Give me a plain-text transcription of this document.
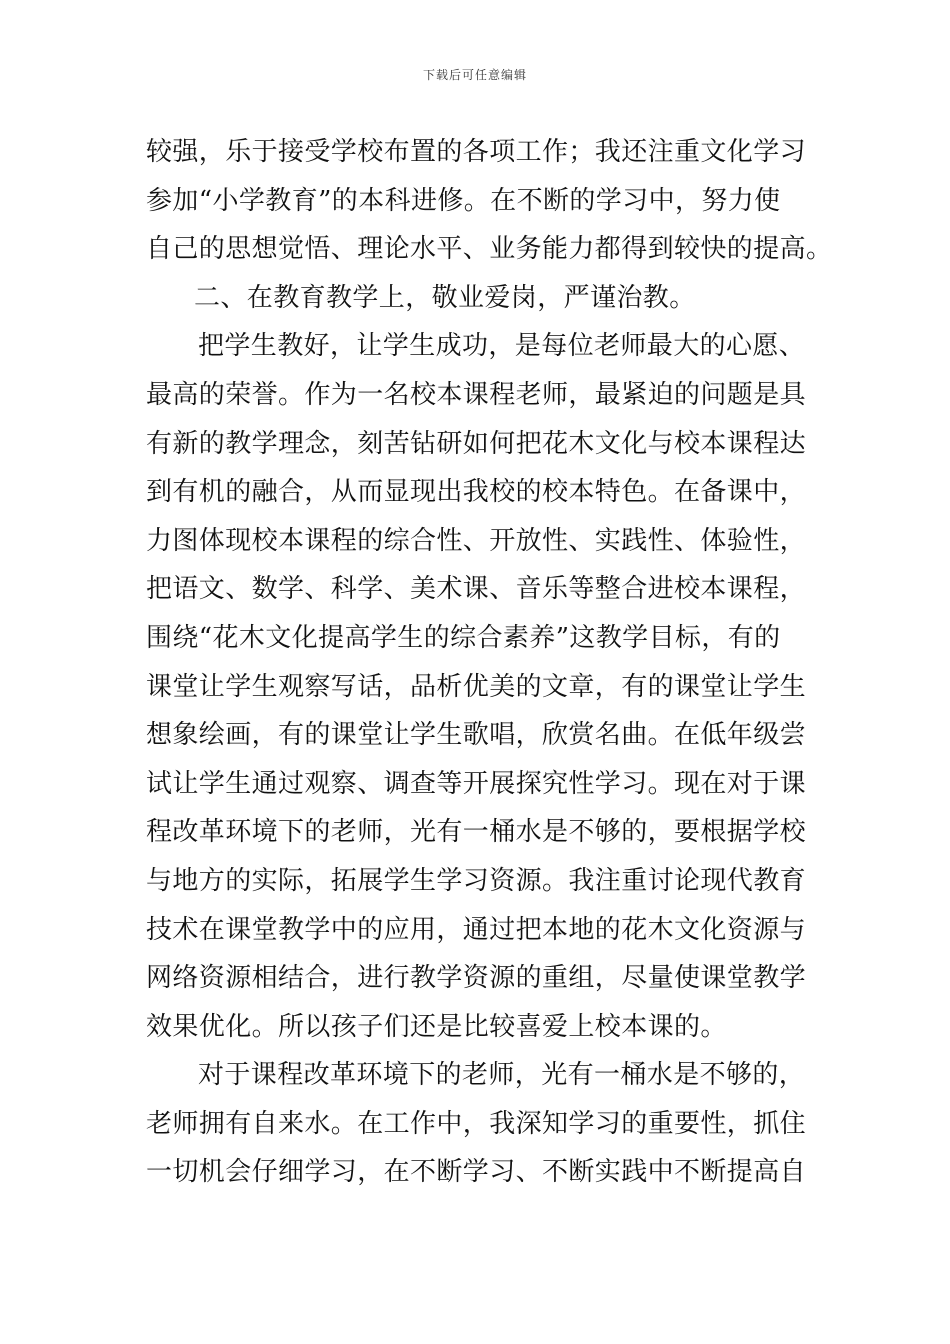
下载后可任意编辑
较强，乐于接受学校布置的各项工作；我还注重文化学习
参加“小学教育”的本科进修。在不断的学习中，努力使
自己的思想觉悟、理论水平、业务能力都得到较快的提高。
二、在教育教学上，敬业爱岗，严谨治教。
把学生教好，让学生成功，是每位老师最大的心愿、
最高的荣誉。作为一名校本课程老师，最紧迫的问题是具
有新的教学理念，刻苦钻研如何把花木文化与校本课程达
到有机的融合，从而显现出我校的校本特色。在备课中，
力图体现校本课程的综合性、开放性、实践性、体验性，
把语文、数学、科学、美术课、音乐等整合进校本课程，
围绕“花木文化提高学生的综合素养”这教学目标，有的
课堂让学生观察写话，品析优美的文章，有的课堂让学生
想象绘画，有的课堂让学生歌唱，欣赏名曲。在低年级尝
试让学生通过观察、调查等开展探究性学习。现在对于课
程改革环境下的老师，光有一桶水是不够的，要根据学校
与地方的实际，拓展学生学习资源。我注重讨论现代教育
技术在课堂教学中的应用，通过把本地的花木文化资源与
网络资源相结合，进行教学资源的重组，尽量使课堂教学
效果优化。所以孩子们还是比较喜爱上校本课的。
对于课程改革环境下的老师，光有一桶水是不够的，
老师拥有自来水。在工作中，我深知学习的重要性，抓住
一切机会仔细学习，在不断学习、不断实践中不断提高自
